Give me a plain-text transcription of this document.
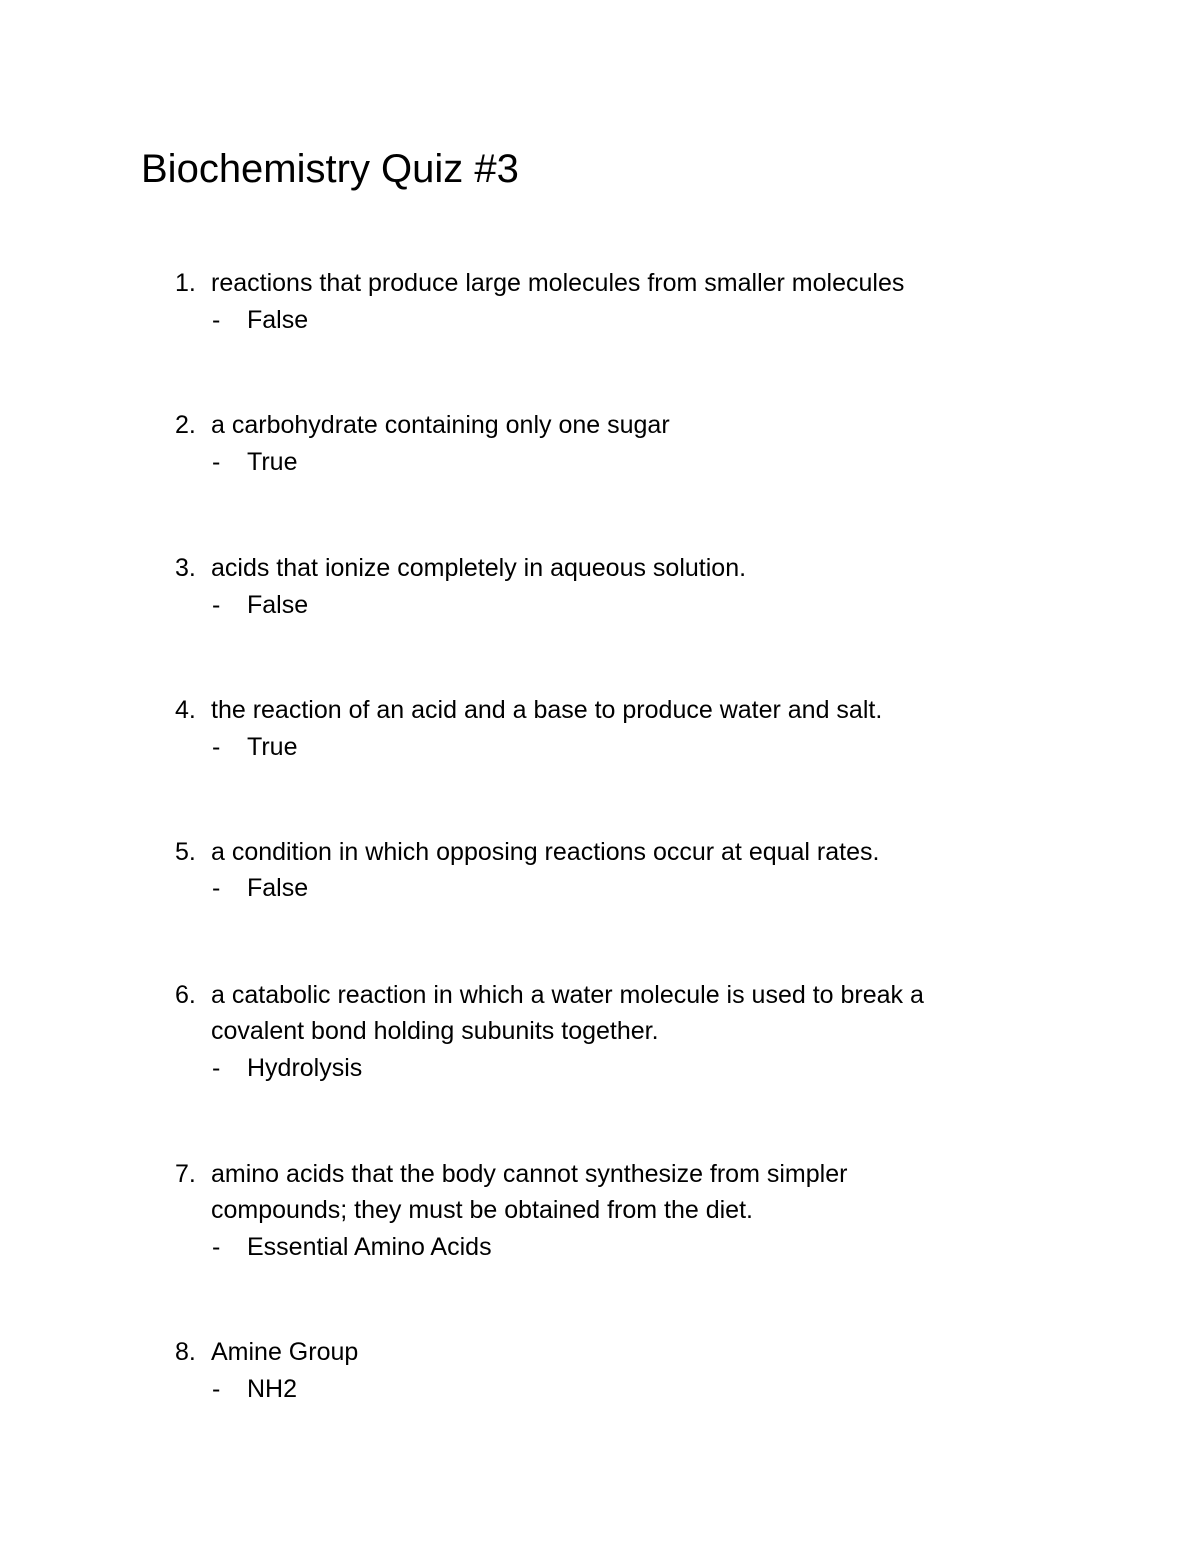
Biochemistry Quiz #3
1. reactions that produce large molecules from smaller molecules
- False
2. a carbohydrate containing only one sugar
- True
3. acids that ionize completely in aqueous solution.
- False
4. the reaction of an acid and a base to produce water and salt.
- True
5. a condition in which opposing reactions occur at equal rates.
- False
6. a catabolic reaction in which a water molecule is used to break a
covalent bond holding subunits together.
- Hydrolysis
7. amino acids that the body cannot synthesize from simpler
compounds; they must be obtained from the diet.
- Essential Amino Acids
8. Amine Group
- NH2
